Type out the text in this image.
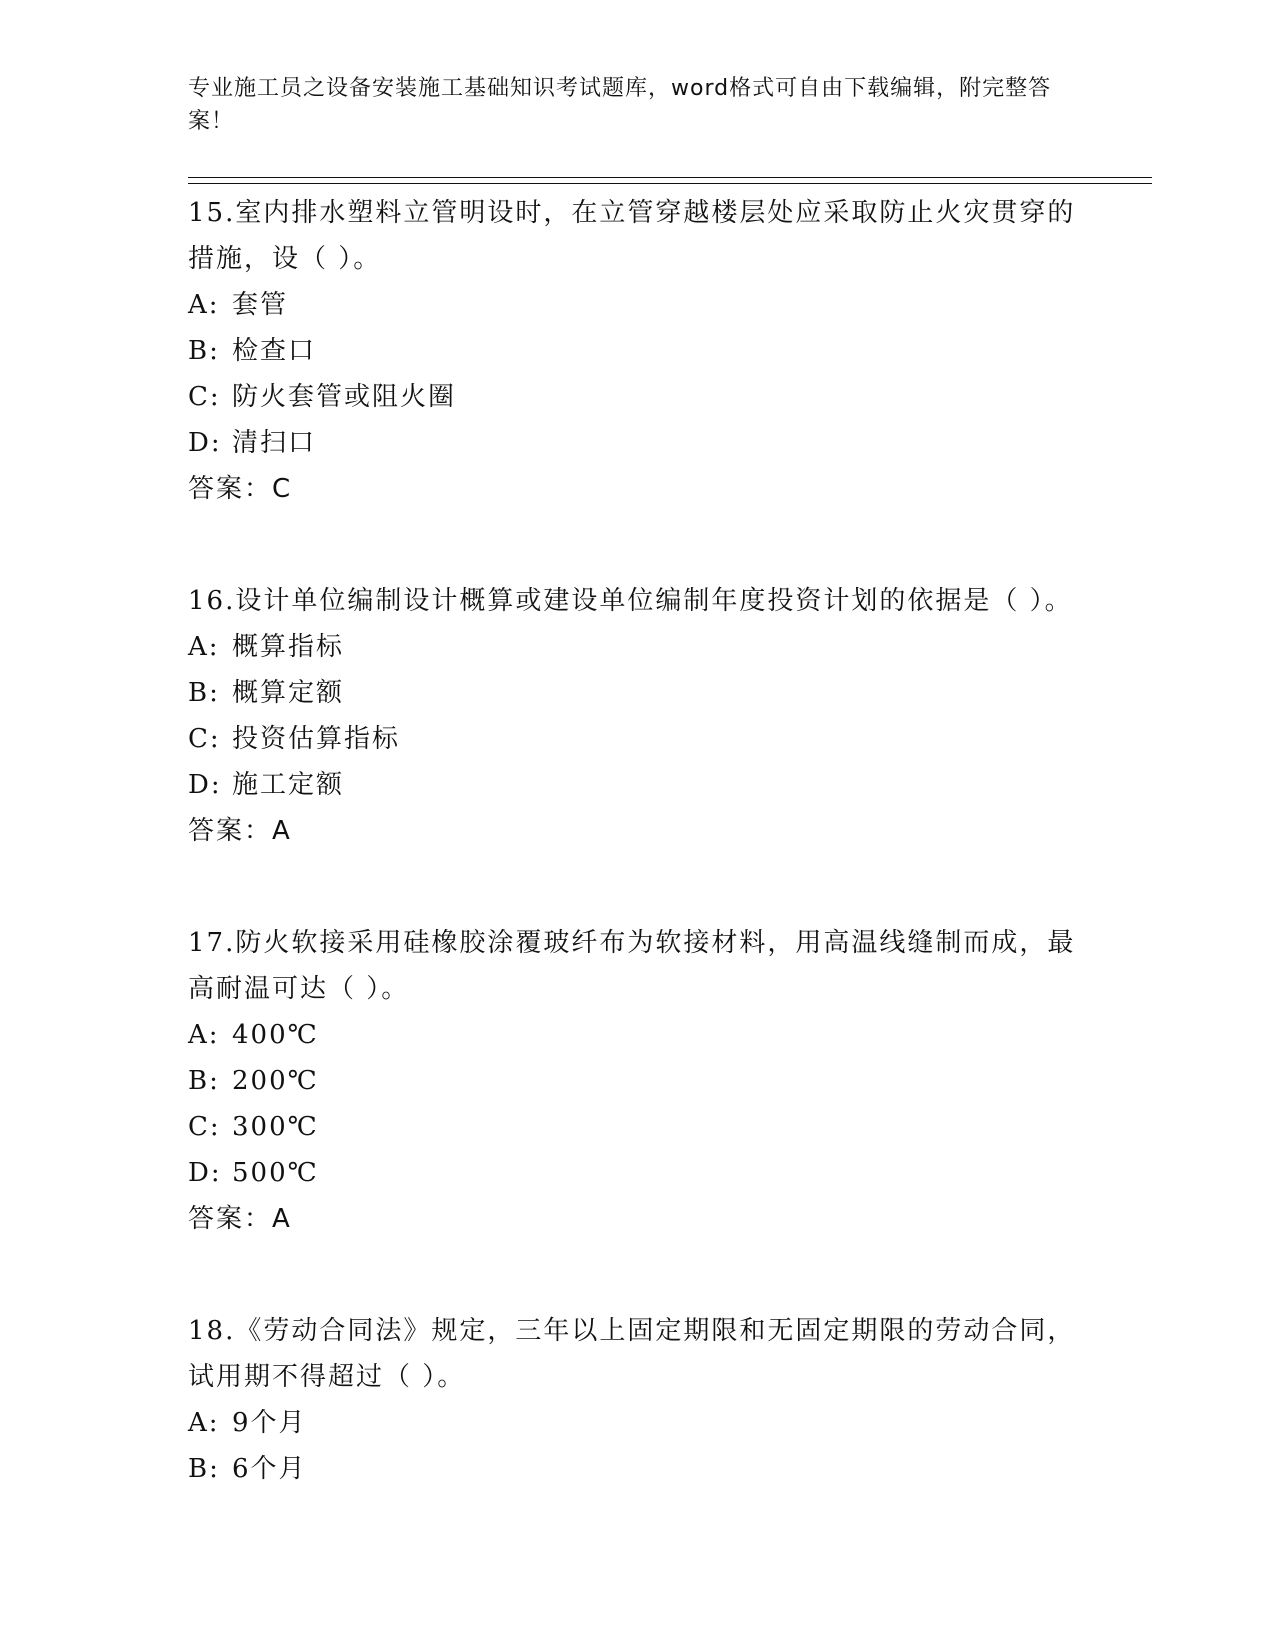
专业施工员之设备安装施工基础知识考试题库，word格式可自由下载编辑，附完整答案！

15.室内排水塑料立管明设时，在立管穿越楼层处应采取防止火灾贯穿的措施，设（ ）。

A: 套管

B: 检查口

C: 防火套管或阻火圈

D: 清扫口

答案：C

16.设计单位编制设计概算或建设单位编制年度投资计划的依据是（ ）。

A: 概算指标

B: 概算定额

C: 投资估算指标

D: 施工定额

答案：A

17.防火软接采用硅橡胶涂覆玻纤布为软接材料，用高温线缝制而成，最高耐温可达（ ）。

A: 400℃

B: 200℃

C: 300℃

D: 500℃

答案：A

18.《劳动合同法》规定，三年以上固定期限和无固定期限的劳动合同，试用期不得超过（ ）。

A: 9个月

B: 6个月
